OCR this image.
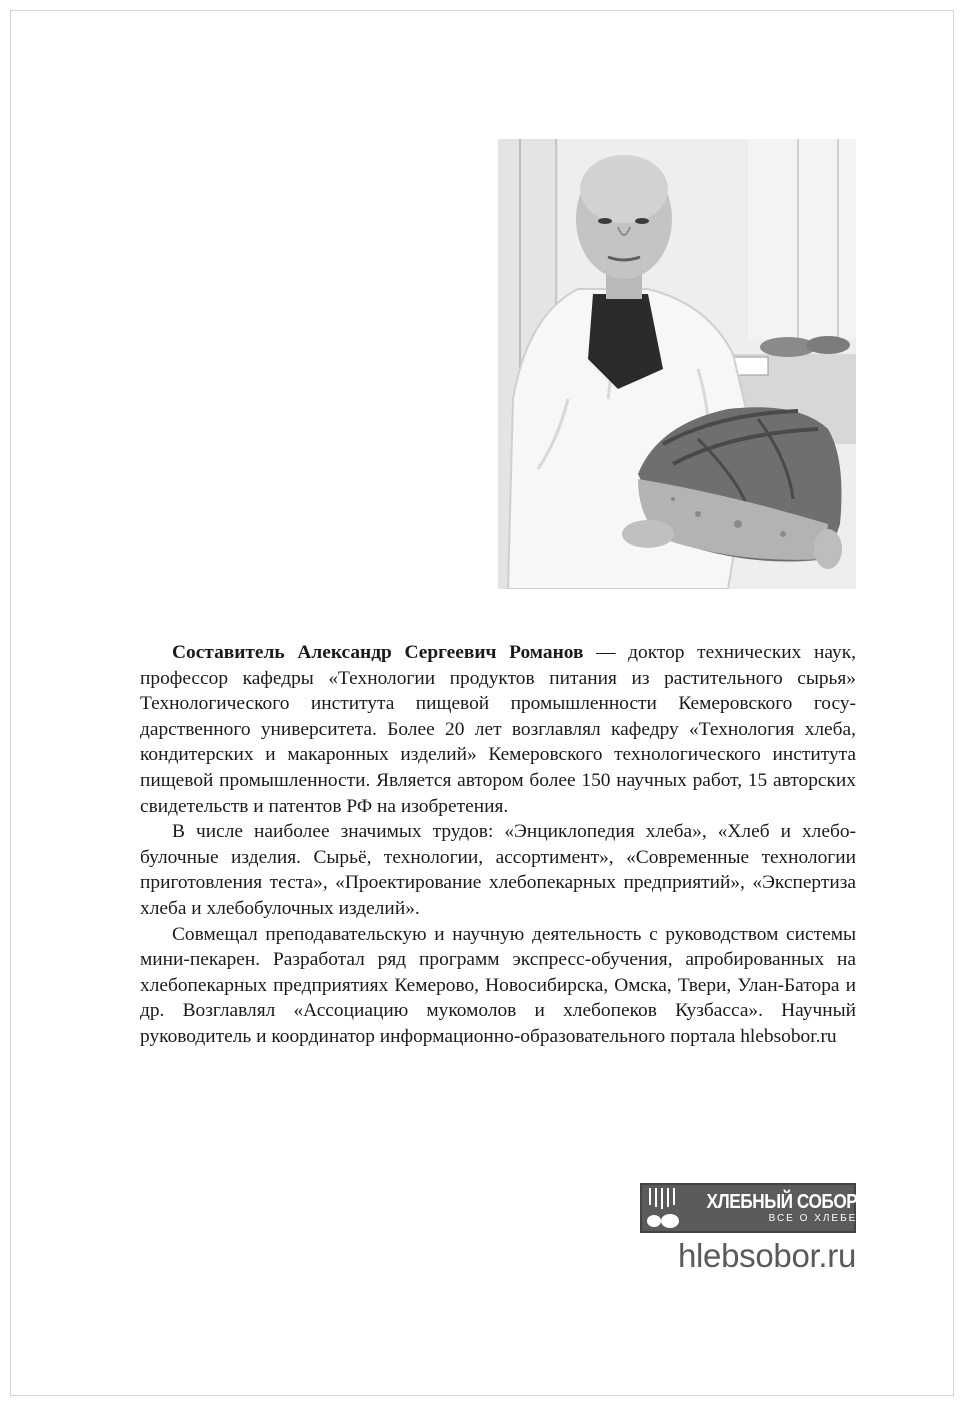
Составитель Александр Сергеевич Романов — доктор технических наук, профессор кафедры «Технологии продуктов питания из растительного сырья» Технологического института пищевой промышленности Кемеровского государственного университета. Более 20 лет возглавлял кафедру «Технология хлеба, кондитерских и макаронных изделий» Кемеровского технологического института пищевой промышленности. Является автором более 150 научных работ, 15 авторских свидетельств и патентов РФ на изобретения.

В числе наиболее значимых трудов: «Энциклопедия хлеба», «Хлеб и хлебобулочные изделия. Сырьё, технологии, ассортимент», «Современные технологии приготовления теста», «Проектирование хлебопекарных предприятий», «Экспертиза хлеба и хлебобулочных изделий».

Совмещал преподавательскую и научную деятельность с руководством системы мини-пекарен. Разработал ряд программ экспресс-обучения, апробированных на хлебопекарных предприятиях Кемерово, Новосибирска, Омска, Твери, Улан-Батора и др. Возглавлял «Ассоциацию мукомолов и хлебопеков Кузбасса». Научный руководитель и координатор информационно-образовательного портала hlebsobor.ru

ХЛЕБНЫЙ СОБОР
ВСЕ О ХЛЕБЕ
hlebsobor.ru
